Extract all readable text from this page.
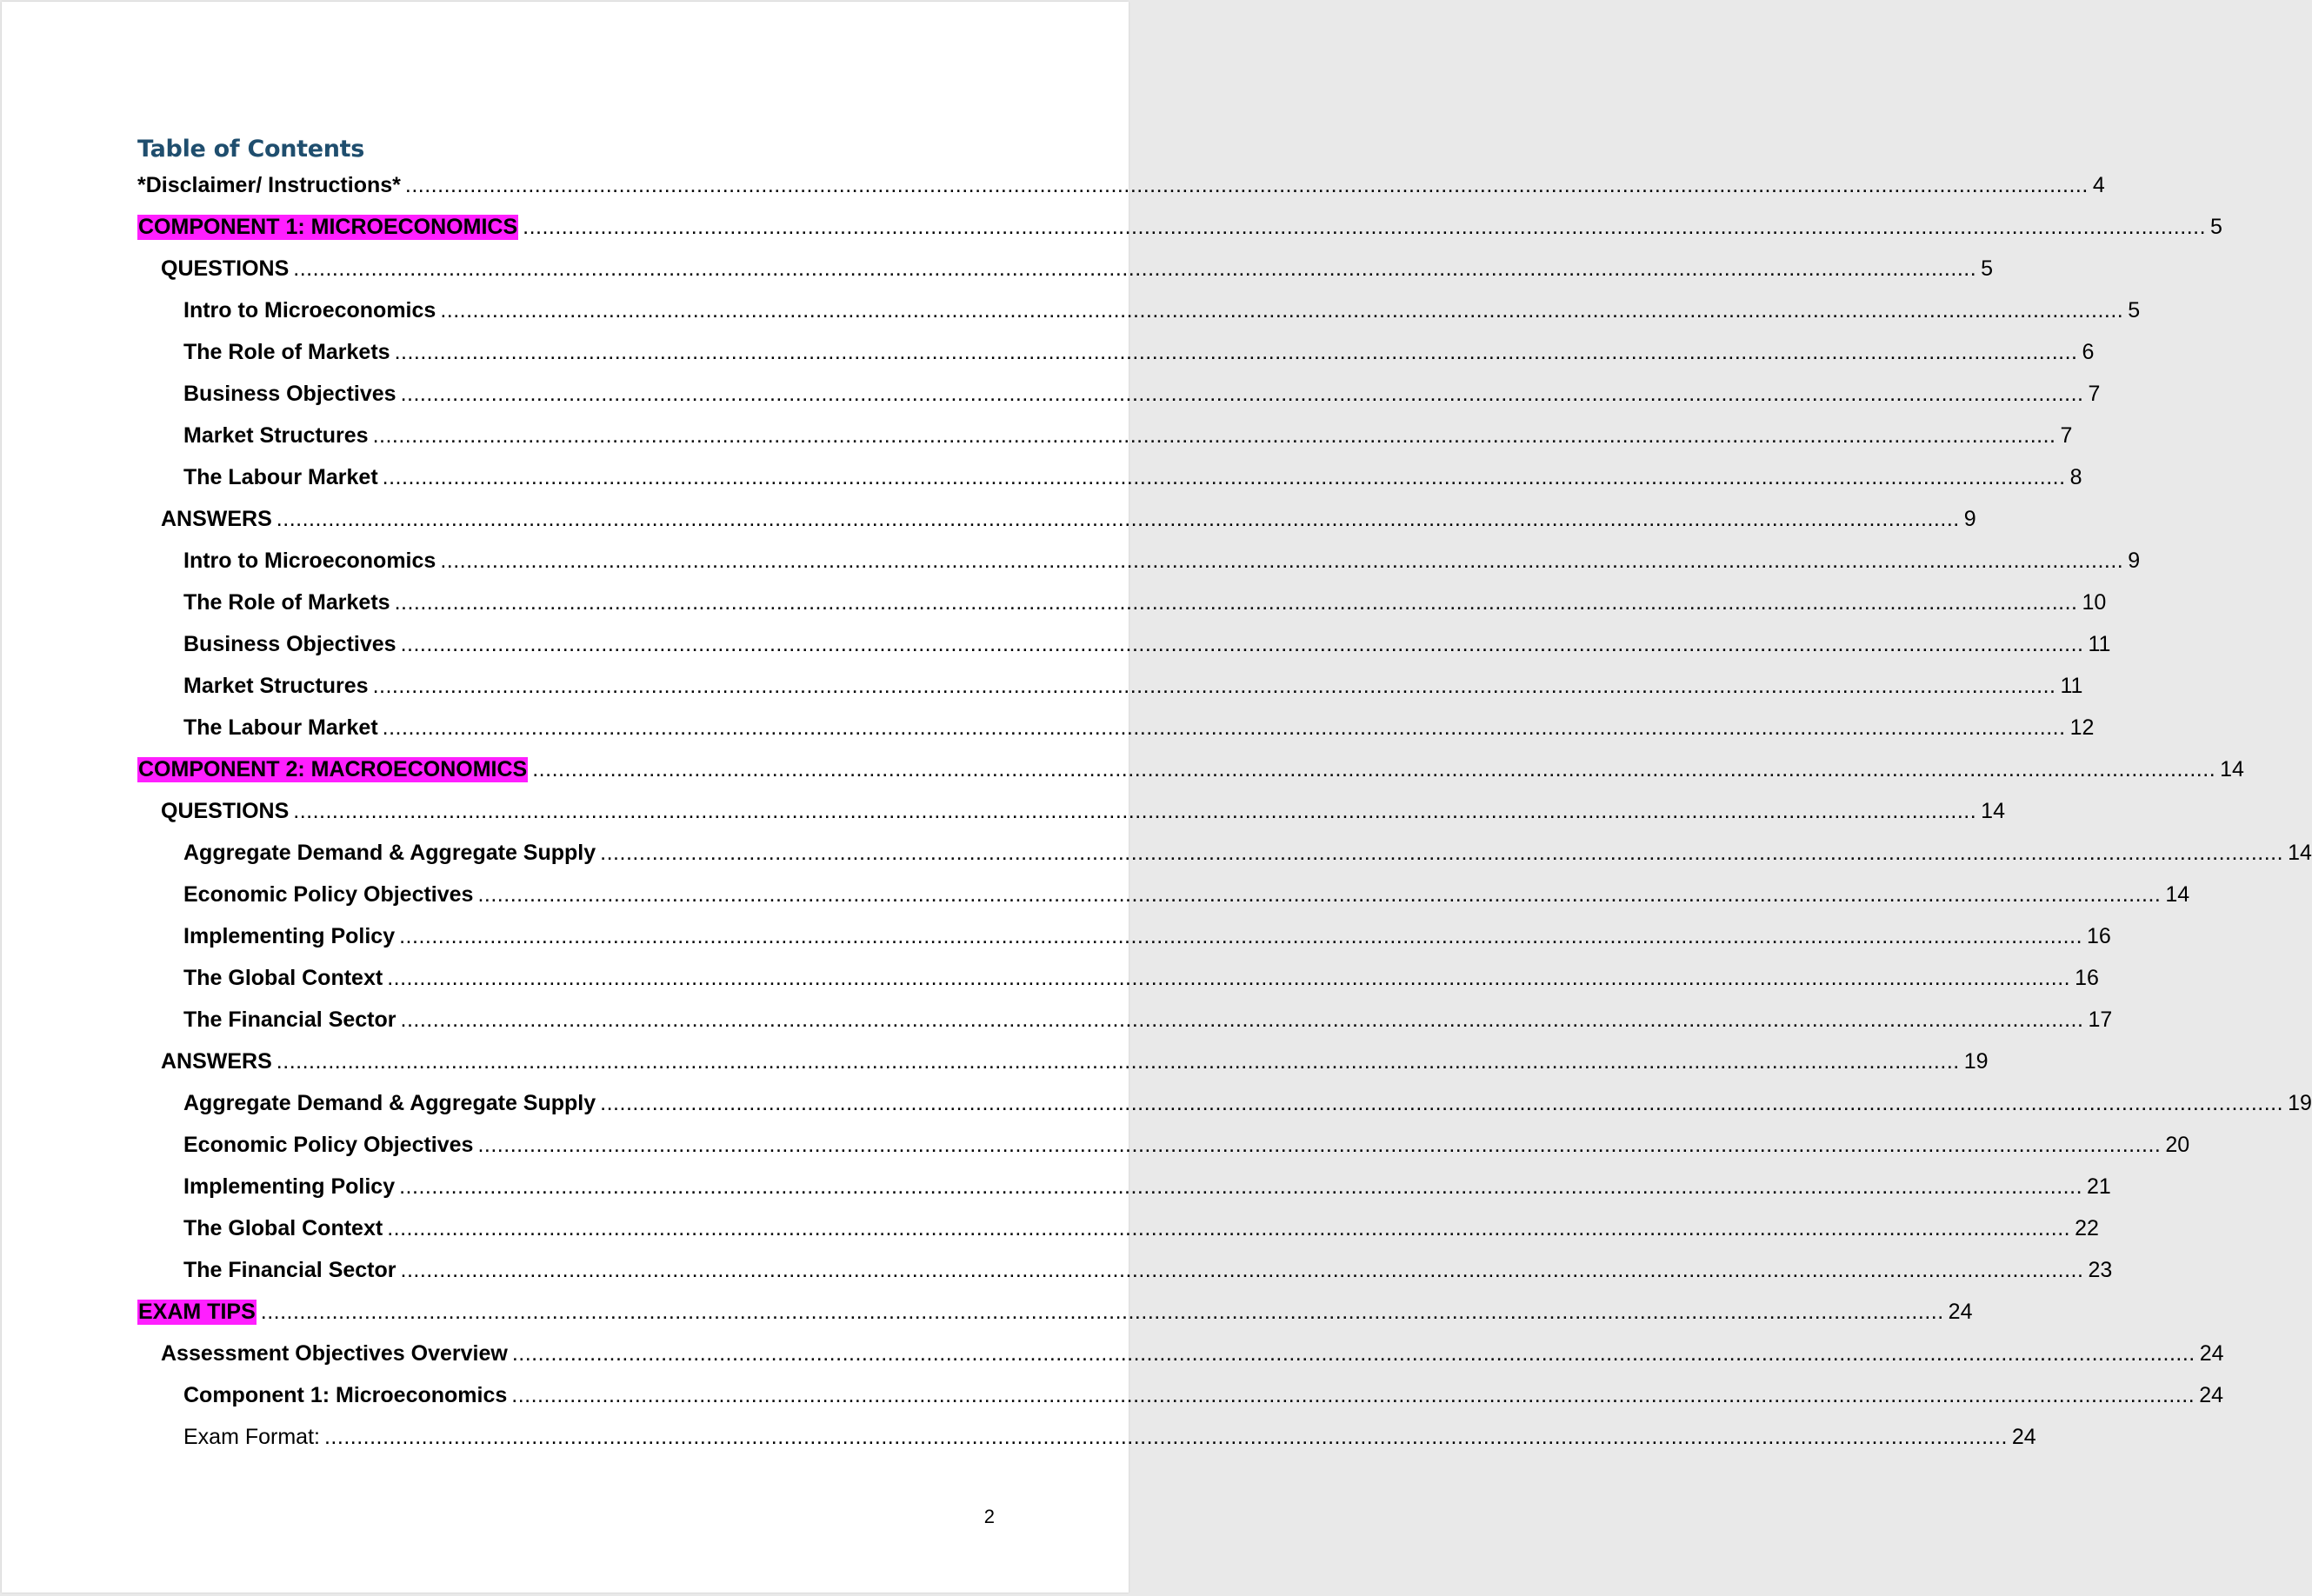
Table of Contents
*Disclaimer/ Instructions* .................................................................................................................................................................................................................................................................... 4
COMPONENT 1: MICROECONOMICS .................................................................................................................................................................................................................................................................... 5
QUESTIONS .................................................................................................................................................................................................................................................................... 5
Intro to Microeconomics .................................................................................................................................................................................................................................................................... 5
The Role of Markets .................................................................................................................................................................................................................................................................... 6
Business Objectives .................................................................................................................................................................................................................................................................... 7
Market Structures .................................................................................................................................................................................................................................................................... 7
The Labour Market .................................................................................................................................................................................................................................................................... 8
ANSWERS .................................................................................................................................................................................................................................................................... 9
Intro to Microeconomics .................................................................................................................................................................................................................................................................... 9
The Role of Markets .................................................................................................................................................................................................................................................................... 10
Business Objectives .................................................................................................................................................................................................................................................................... 11
Market Structures .................................................................................................................................................................................................................................................................... 11
The Labour Market .................................................................................................................................................................................................................................................................... 12
COMPONENT 2: MACROECONOMICS .................................................................................................................................................................................................................................................................... 14
QUESTIONS .................................................................................................................................................................................................................................................................... 14
Aggregate Demand & Aggregate Supply .................................................................................................................................................................................................................................................................... 14
Economic Policy Objectives .................................................................................................................................................................................................................................................................... 14
Implementing Policy .................................................................................................................................................................................................................................................................... 16
The Global Context .................................................................................................................................................................................................................................................................... 16
The Financial Sector .................................................................................................................................................................................................................................................................... 17
ANSWERS .................................................................................................................................................................................................................................................................... 19
Aggregate Demand & Aggregate Supply .................................................................................................................................................................................................................................................................... 19
Economic Policy Objectives .................................................................................................................................................................................................................................................................... 20
Implementing Policy .................................................................................................................................................................................................................................................................... 21
The Global Context .................................................................................................................................................................................................................................................................... 22
The Financial Sector .................................................................................................................................................................................................................................................................... 23
EXAM TIPS .................................................................................................................................................................................................................................................................... 24
Assessment Objectives Overview .................................................................................................................................................................................................................................................................... 24
Component 1: Microeconomics .................................................................................................................................................................................................................................................................... 24
Exam Format: .................................................................................................................................................................................................................................................................... 24
2
